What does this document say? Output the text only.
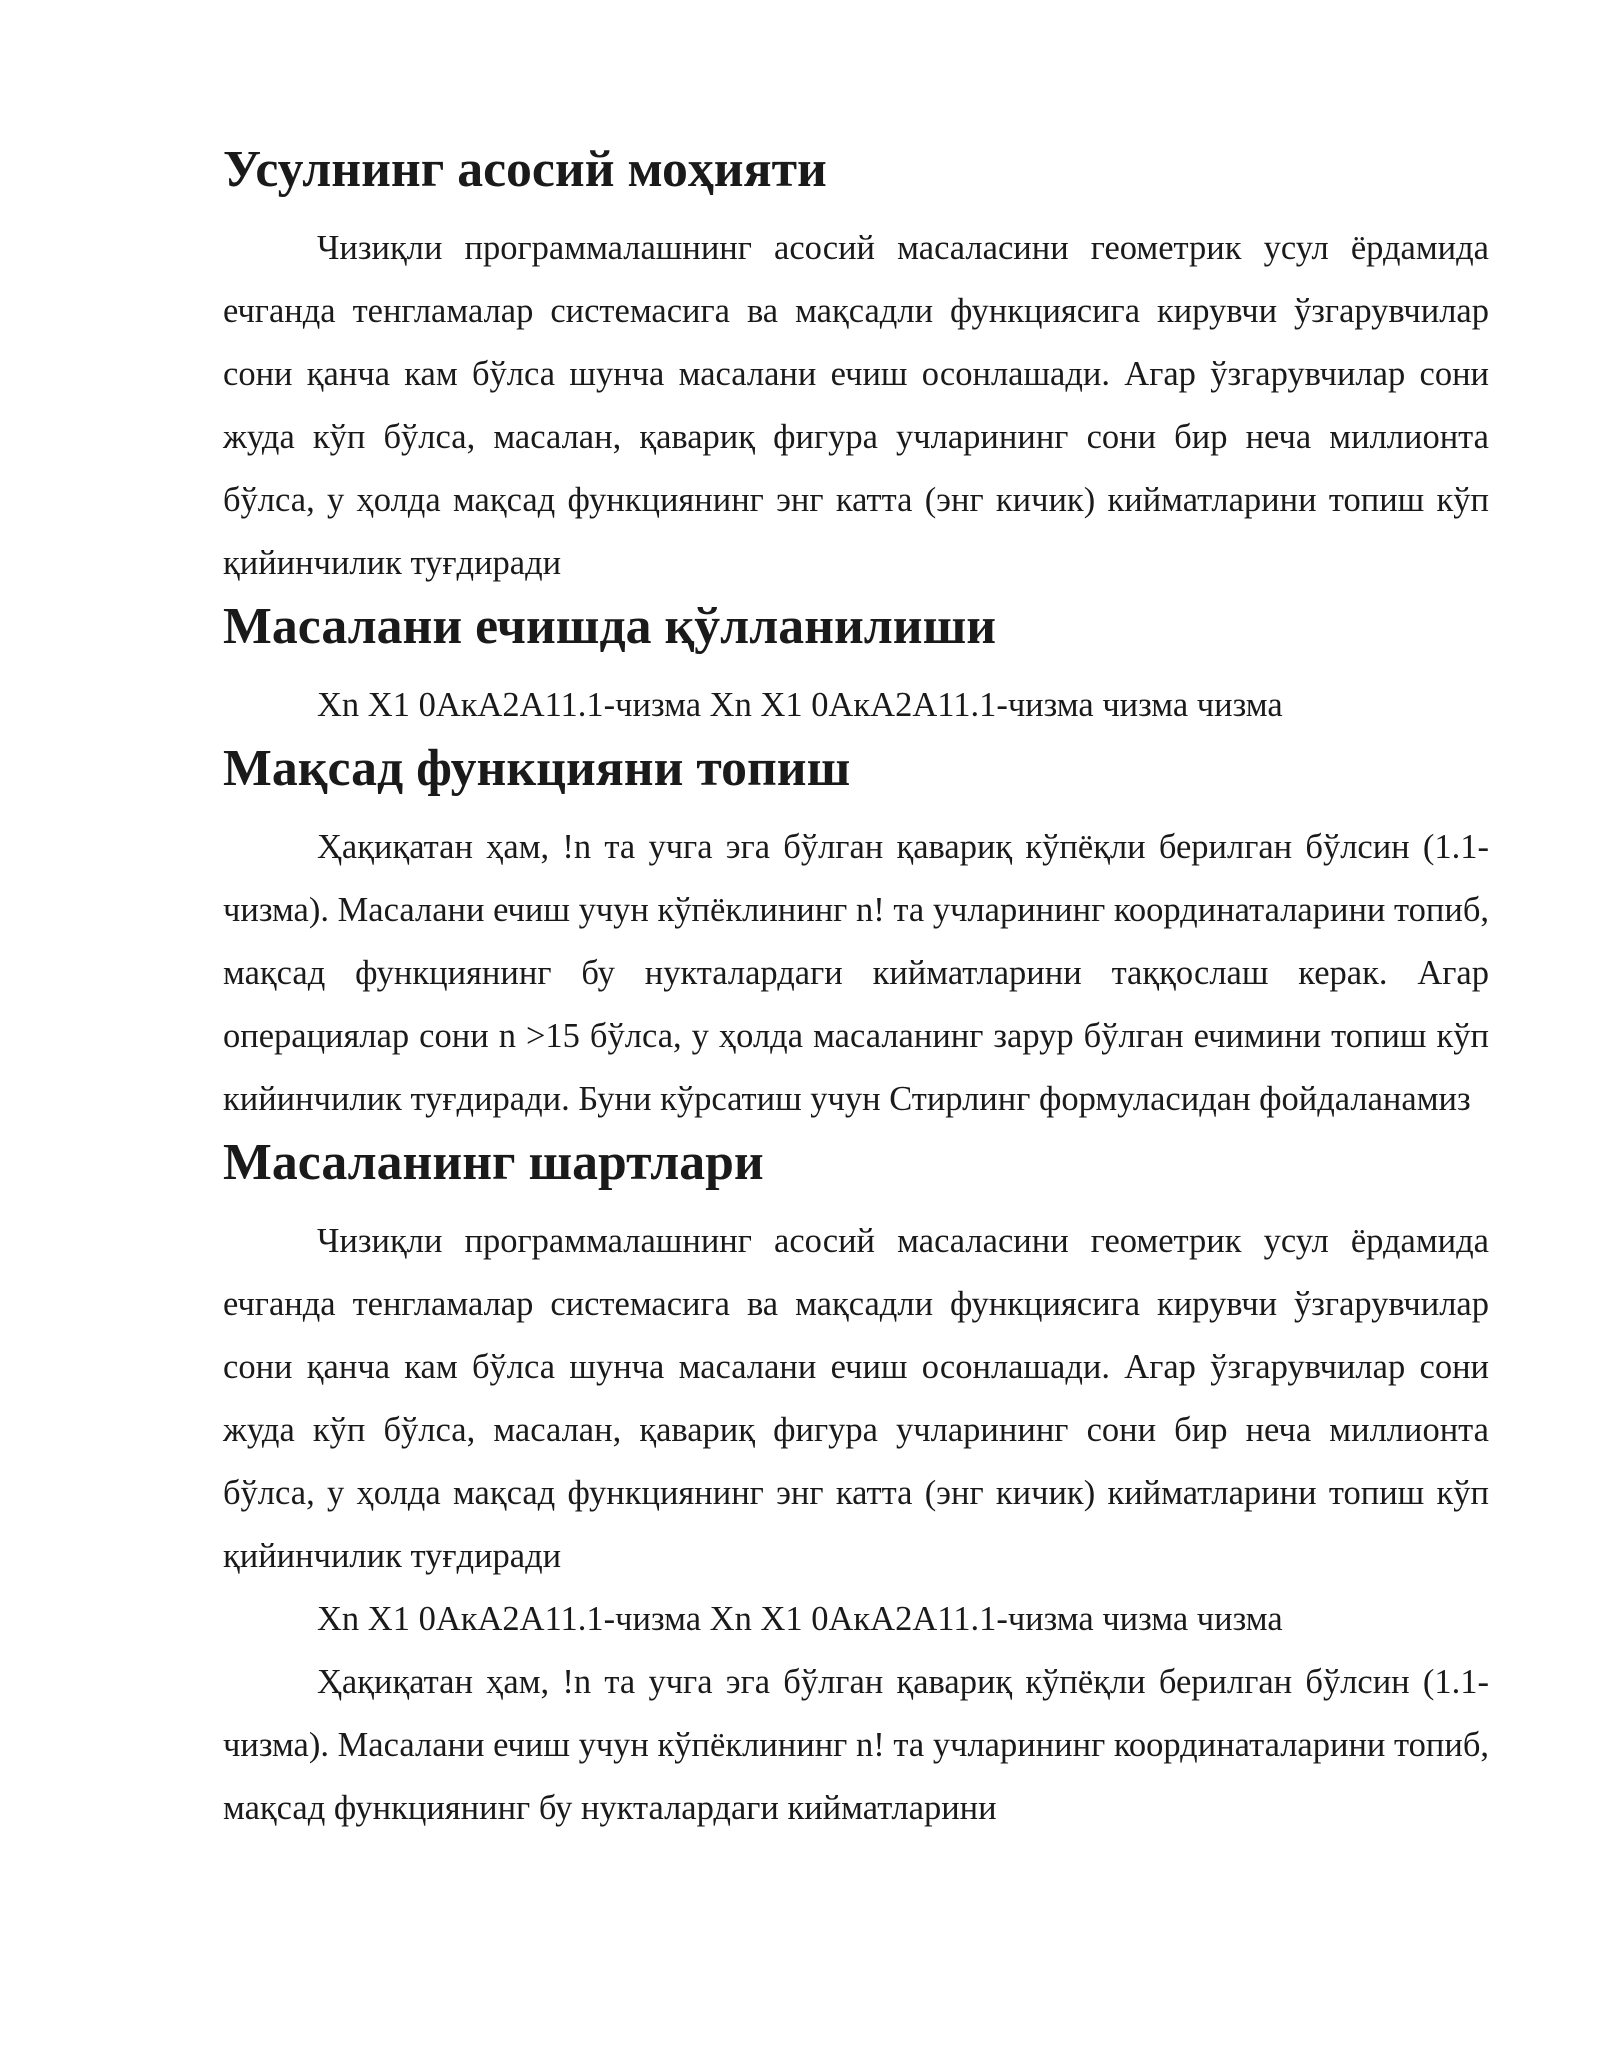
Усулнинг асосий моҳияти

Чизиқли программалашнинг асосий масаласини геометрик усул ёрдамида ечганда тенгламалар системасига ва мақсадли функциясига кирувчи ўзгарувчилар сони қанча кам бўлса шунча масалани ечиш осонлашади. Агар ўзгарувчилар сони жуда кўп бўлса, масалан, қавариқ фигура учларининг сони бир неча миллионта бўлса, у ҳолда мақсад функциянинг энг катта (энг кичик) кийматларини топиш кўп қийинчилик туғдиради

Масалани ечишда қўлланилиши

Xn X1 0AкA2A11.1-чизма Xn X1 0AкA2A11.1-чизма чизма чизма

Мақсад функцияни топиш

Ҳақиқатан ҳам, !n та учга эга бўлган қавариқ кўпёқли берилган бўлсин (1.1-чизма). Масалани ечиш учун кўпёклининг n! та учларининг координаталарини топиб, мақсад функциянинг бу нукталардаги кийматларини таққослаш керак. Агар операциялар сони n >15 бўлса, у ҳолда масаланинг зарур бўлган ечимини топиш кўп кийинчилик туғдиради. Буни кўрсатиш учун Стирлинг формуласидан фойдаланамиз

Масаланинг шартлари

Чизиқли программалашнинг асосий масаласини геометрик усул ёрдамида ечганда тенгламалар системасига ва мақсадли функциясига кирувчи ўзгарувчилар сони қанча кам бўлса шунча масалани ечиш осонлашади. Агар ўзгарувчилар сони жуда кўп бўлса, масалан, қавариқ фигура учларининг сони бир неча миллионта бўлса, у ҳолда мақсад функциянинг энг катта (энг кичик) кийматларини топиш кўп қийинчилик туғдиради

Xn X1 0AкA2A11.1-чизма Xn X1 0AкA2A11.1-чизма чизма чизма

Ҳақиқатан ҳам, !n та учга эга бўлган қавариқ кўпёқли берилган бўлсин (1.1-чизма). Масалани ечиш учун кўпёклининг n! та учларининг координаталарини топиб, мақсад функциянинг бу нукталардаги кийматларини
